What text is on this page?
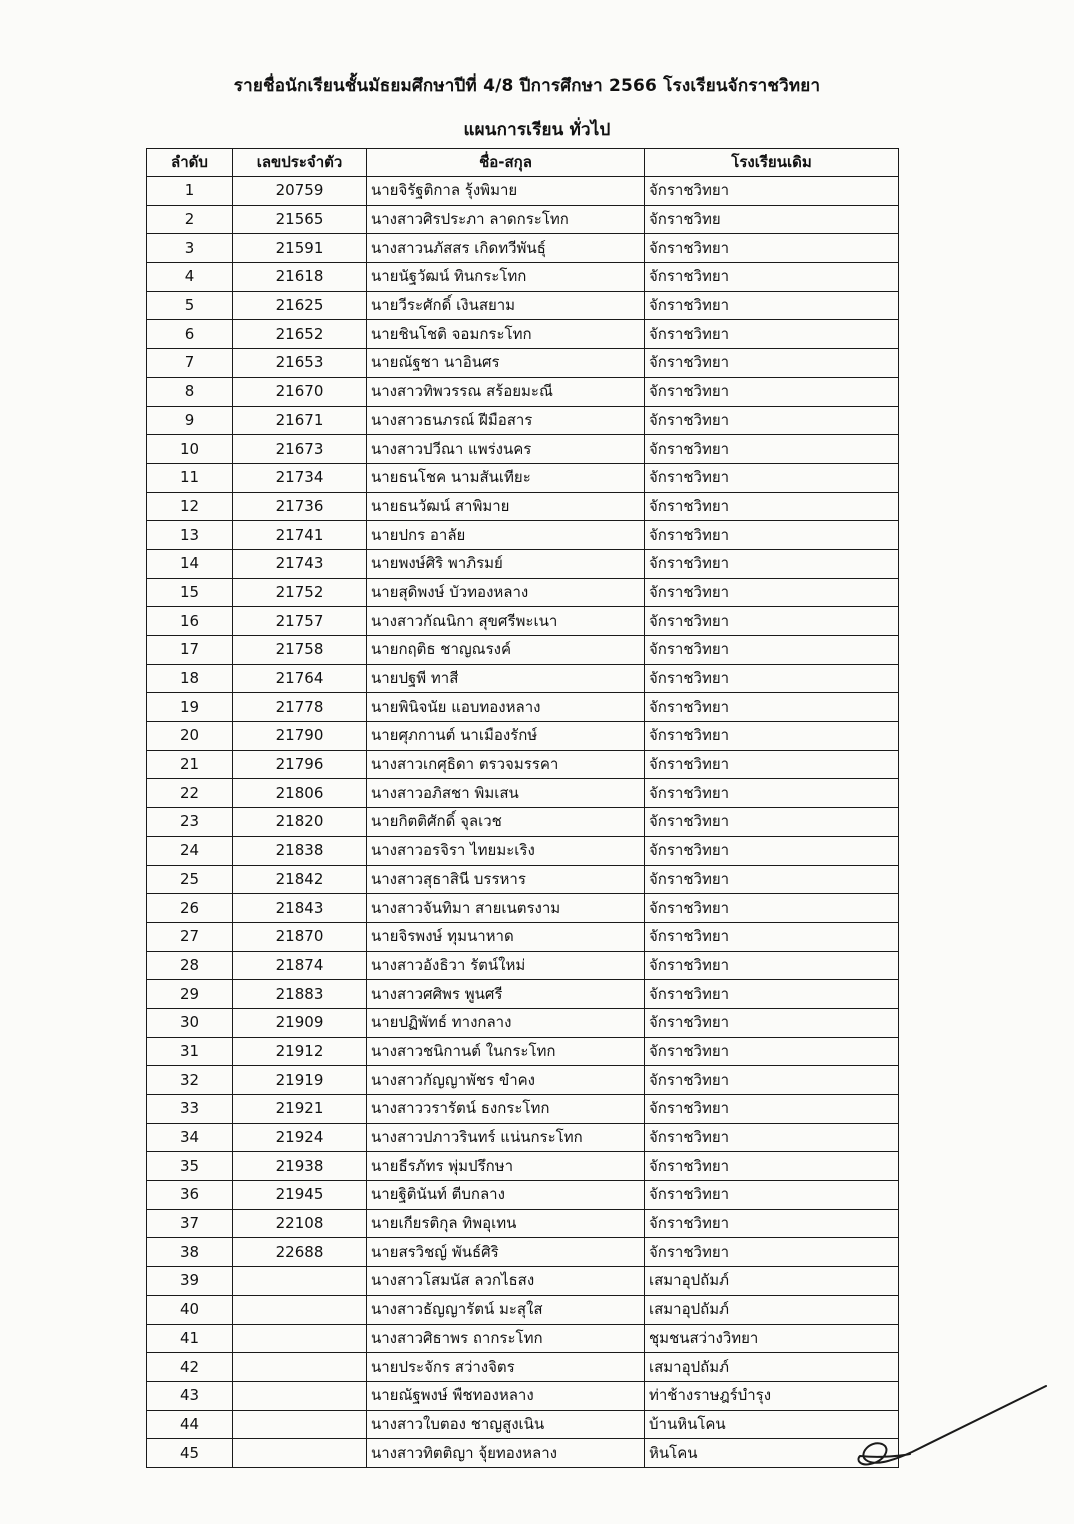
รายชื่อนักเรียนชั้นมัธยมศึกษาปีที่ 4/8 ปีการศึกษา 2566 โรงเรียนจักราชวิทยา
แผนการเรียน ทั่วไป
ลำดับ	เลขประจำตัว	ชื่อ-สกุล	โรงเรียนเดิม
1	20759	นายจิรัฐติกาล รุ้งพิมาย	จักราชวิทยา
2	21565	นางสาวศิรประภา ลาดกระโทก	จักราชวิทย
3	21591	นางสาวนภัสสร เกิดทวีพันธุ์	จักราชวิทยา
4	21618	นายนัฐวัฒน์ ทินกระโทก	จักราชวิทยา
5	21625	นายวีระศักดิ์ เงินสยาม	จักราชวิทยา
6	21652	นายชินโชติ จอมกระโทก	จักราชวิทยา
7	21653	นายณัฐชา นาอินศร	จักราชวิทยา
8	21670	นางสาวทิพวรรณ สร้อยมะณี	จักราชวิทยา
9	21671	นางสาวธนภรณ์ ฝีมือสาร	จักราชวิทยา
10	21673	นางสาวปวีณา แพร่งนคร	จักราชวิทยา
11	21734	นายธนโชค นามสันเทียะ	จักราชวิทยา
12	21736	นายธนวัฒน์ สาพิมาย	จักราชวิทยา
13	21741	นายปกร อาลัย	จักราชวิทยา
14	21743	นายพงษ์ศิริ พาภิรมย์	จักราชวิทยา
15	21752	นายสุดิพงษ์ บัวทองหลาง	จักราชวิทยา
16	21757	นางสาวกัณนิกา สุขศรีพะเนา	จักราชวิทยา
17	21758	นายกฤติธ ชาญณรงค์	จักราชวิทยา
18	21764	นายปฐพี ทาสี	จักราชวิทยา
19	21778	นายพินิจนัย แอบทองหลาง	จักราชวิทยา
20	21790	นายศุภกานต์ นาเมืองรักษ์	จักราชวิทยา
21	21796	นางสาวเกศุธิดา ตรวจมรรคา	จักราชวิทยา
22	21806	นางสาวอภิสชา พิมเสน	จักราชวิทยา
23	21820	นายกิตติศักดิ์ จุลเวช	จักราชวิทยา
24	21838	นางสาวอรจิรา ไทยมะเริง	จักราชวิทยา
25	21842	นางสาวสุธาสินี บรรหาร	จักราชวิทยา
26	21843	นางสาวจันทิมา สายเนตรงาม	จักราชวิทยา
27	21870	นายจิรพงษ์ ทุมนาหาด	จักราชวิทยา
28	21874	นางสาวอังธิวา รัตน์ใหม่	จักราชวิทยา
29	21883	นางสาวศศิพร พูนศรี	จักราชวิทยา
30	21909	นายปฏิพัทธ์ ทางกลาง	จักราชวิทยา
31	21912	นางสาวชนิกานต์ ในกระโทก	จักราชวิทยา
32	21919	นางสาวกัญญาพัชร ขำคง	จักราชวิทยา
33	21921	นางสาววรารัตน์ ธงกระโทก	จักราชวิทยา
34	21924	นางสาวปภาวรินทร์ แน่นกระโทก	จักราชวิทยา
35	21938	นายธีรภัทร พุ่มปรึกษา	จักราชวิทยา
36	21945	นายฐิตินันท์ ตีบกลาง	จักราชวิทยา
37	22108	นายเกียรติกุล ทิพอุเทน	จักราชวิทยา
38	22688	นายสรวิชญ์ พันธ์ศิริ	จักราชวิทยา
39		นางสาวโสมนัส ลวกไธสง	เสมาอุปถัมภ์
40		นางสาวธัญญารัตน์ มะสุใส	เสมาอุปถัมภ์
41		นางสาวศิธาพร ถากระโทก	ชุมชนสว่างวิทยา
42		นายประจักร สว่างจิตร	เสมาอุปถัมภ์
43		นายณัฐพงษ์ พืชทองหลาง	ท่าช้างราษฎร์บำรุง
44		นางสาวใบตอง ชาญสูงเนิน	บ้านหินโคน
45		นางสาวทิตติญา จุ้ยทองหลาง	หินโคน
